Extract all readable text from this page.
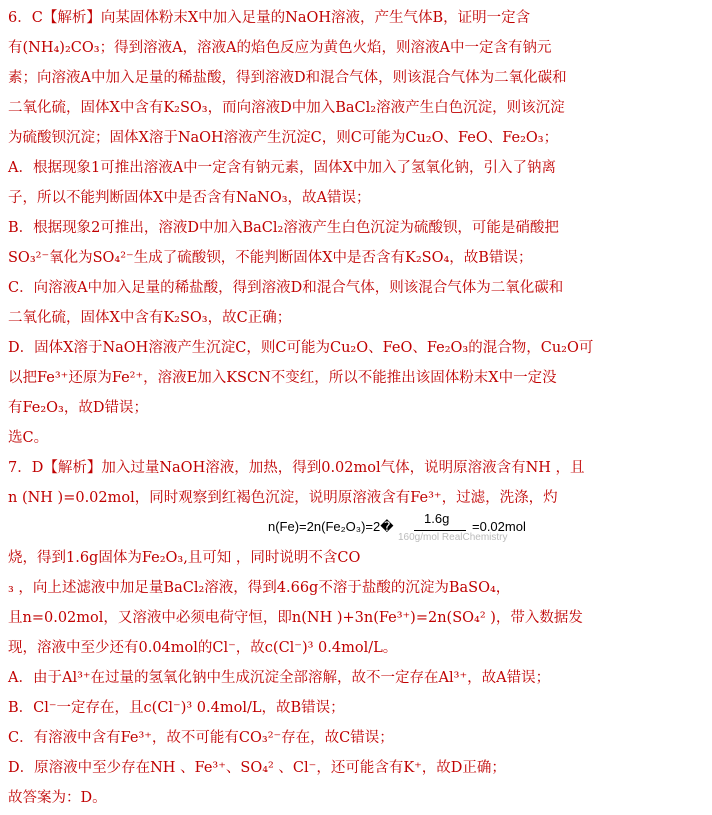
6．C【解析】向某固体粉末X中加入足量的NaOH溶液，产生气体B，证明一定含

有(NH₄)₂CO₃；得到溶液A，溶液A的焰色反应为黄色火焰，则溶液A中一定含有钠元

素；向溶液A中加入足量的稀盐酸，得到溶液D和混合气体，则该混合气体为二氧化碳和

二氧化硫，固体X中含有K₂SO₃，而向溶液D中加入BaCl₂溶液产生白色沉淀，则该沉淀

为硫酸钡沉淀；固体X溶于NaOH溶液产生沉淀C，则C可能为Cu₂O、FeO、Fe₂O₃；

A．根据现象1可推出溶液A中一定含有钠元素，固体X中加入了氢氧化钠，引入了钠离

子，所以不能判断固体X中是否含有NaNO₃，故A错误；

B．根据现象2可推出，溶液D中加入BaCl₂溶液产生白色沉淀为硫酸钡，可能是硝酸把

SO₃²⁻氧化为SO₄²⁻生成了硫酸钡，不能判断固体X中是否含有K₂SO₄，故B错误；

C．向溶液A中加入足量的稀盐酸，得到溶液D和混合气体，则该混合气体为二氧化碳和

二氧化硫，固体X中含有K₂SO₃，故C正确；

D．固体X溶于NaOH溶液产生沉淀C，则C可能为Cu₂O、FeO、Fe₂O₃的混合物，Cu₂O可

以把Fe³⁺还原为Fe²⁺，溶液E加入KSCN不变红，所以不能推出该固体粉末X中一定没

有Fe₂O₃，故D错误；

选C。

7．D【解析】加入过量NaOH溶液，加热，得到0.02mol气体，说明原溶液含有NH ，且

n (NH )=0.02mol，同时观察到红褐色沉淀，说明原溶液含有Fe³⁺，过滤，洗涤，灼

烧，得到1.6g固体为Fe₂O₃,且可知 ，同时说明不含CO

₃ ，向上述滤液中加足量BaCl₂溶液，得到4.66g不溶于盐酸的沉淀为BaSO₄，

且n=0.02mol，又溶液中必须电荷守恒，即n(NH )+3n(Fe³⁺)=2n(SO₄² )，带入数据发

现，溶液中至少还有0.04mol的Cl⁻，故c(Cl⁻)³ 0.4mol/L。

A．由于Al³⁺在过量的氢氧化钠中生成沉淀全部溶解，故不一定存在Al³⁺，故A错误；

B．Cl⁻一定存在，且c(Cl⁻)³ 0.4mol/L，故B错误；

C．有溶液中含有Fe³⁺，故不可能有CO₃²⁻存在，故C错误；

D．原溶液中至少存在NH 、Fe³⁺、SO₄² 、Cl⁻，还可能含有K⁺，故D正确；

故答案为：D。

n(Fe)=2n(Fe₂O₃)=2�
1.6g
160g/mol RealChemistry
=0.02mol
